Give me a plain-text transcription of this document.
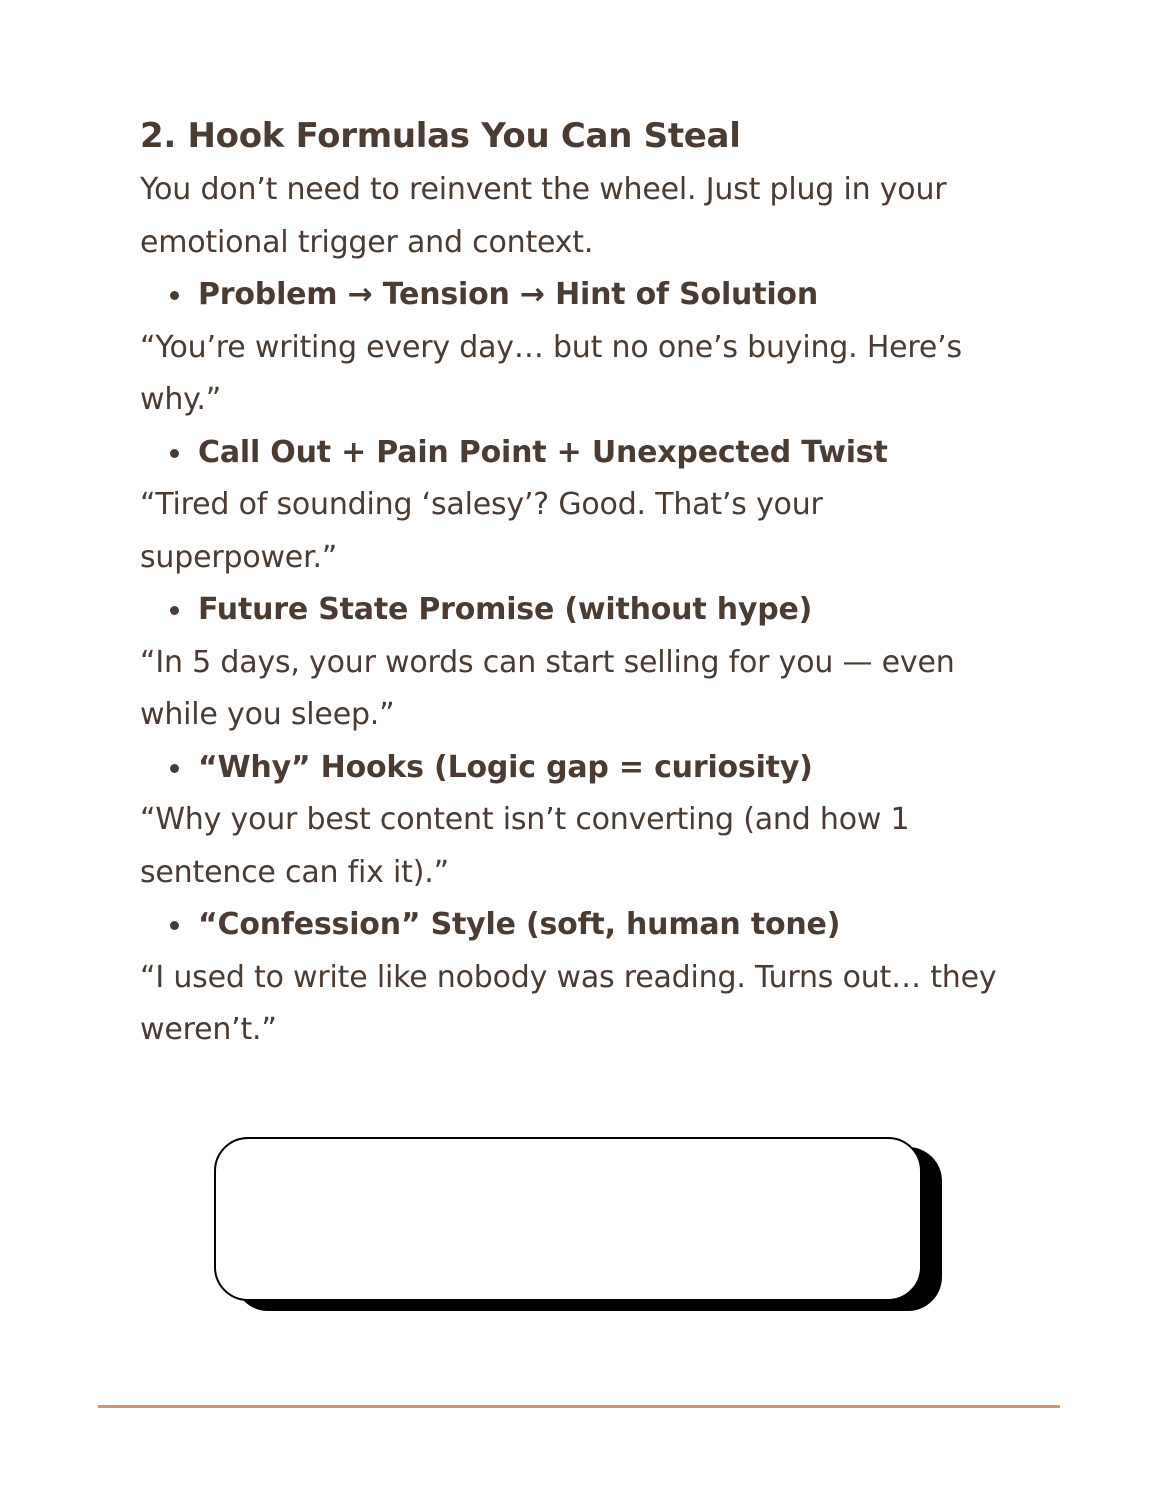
2. Hook Formulas You Can Steal

You don’t need to reinvent the wheel. Just plug in your emotional trigger and context.

Problem → Tension → Hint of Solution

“You’re writing every day… but no one’s buying. Here’s why.”

Call Out + Pain Point + Unexpected Twist

“Tired of sounding ‘salesy’? Good. That’s your superpower.”

Future State Promise (without hype)

“In 5 days, your words can start selling for you — even while you sleep.”

“Why” Hooks (Logic gap = curiosity)

“Why your best content isn’t converting (and how 1 sentence can fix it).”

“Confession” Style (soft, human tone)

“I used to write like nobody was reading. Turns out… they weren’t.”
